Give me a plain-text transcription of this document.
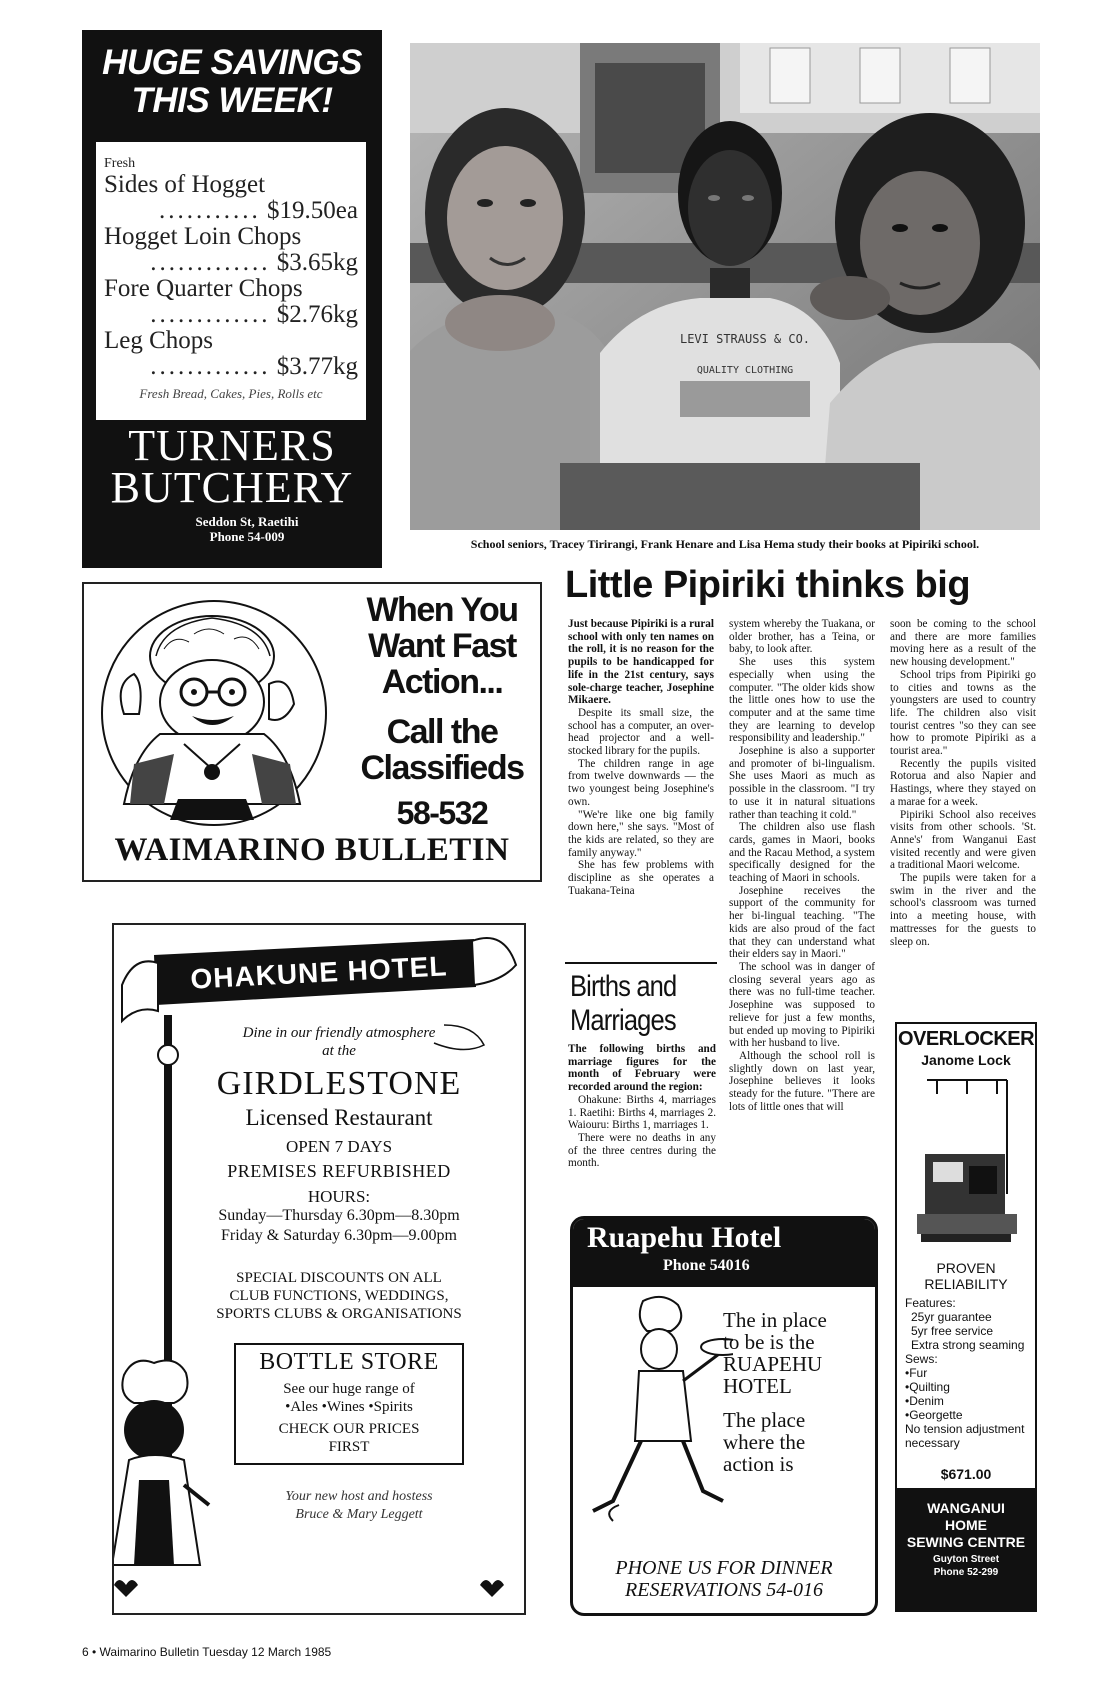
HUGE SAVINGS
THIS WEEK!
Fresh
Sides of Hogget
........... $19.50ea
Hogget Loin Chops
............. $3.65kg
Fore Quarter Chops
............. $2.76kg
Leg Chops
............. $3.77kg
Fresh Bread, Cakes, Pies, Rolls etc
TURNERS
BUTCHERY
Seddon St, Raetihi
Phone 54-009
LEVI STRAUSS & CO.
QUALITY CLOTHING
School seniors, Tracey Tirirangi, Frank Henare and Lisa Hema study their books at Pipiriki school.
When You
Want Fast
Action...
Call the
Classifieds
58-532
WAIMARINO BULLETIN
Little Pipiriki thinks big

Just because Pipiriki is a rural school with only ten names on the roll, it is no reason for the pupils to be handicapped for life in the 21st century, says sole-charge teacher, Josephine Mikaere.

Despite its small size, the school has a computer, an over-head projector and a well-stocked library for the pupils.

The children range in age from twelve downwards — the two youngest being Josephine's own.

"We're like one big family down here," she says. "Most of the kids are related, so they are family anyway."

She has few problems with discipline as she operates a Tuakana-Teina

system whereby the Tuakana, or older brother, has a Teina, or baby, to look after.

She uses this system especially when using the computer. "The older kids show the little ones how to use the computer and at the same time they are learning to develop responsibility and leadership."

Josephine is also a supporter and promoter of bi-lingualism. She uses Maori as much as possible in the classroom. "I try to use it in natural situations rather than teaching it cold."

The children also use flash cards, games in Maori, books and the Racau Method, a system specifically designed for the teaching of Maori in schools.

Josephine receives the support of the community for her bi-lingual teaching. "The kids are also proud of the fact that they can understand what their elders say in Maori."

The school was in danger of closing several years ago as there was no full-time teacher. Josephine was supposed to relieve for just a few months, but ended up moving to Pipiriki with her husband to live.

Although the school roll is slightly down on last year, Josephine believes it looks steady for the future. "There are lots of little ones that will

soon be coming to the school and there are more families moving here as a result of the new housing development."

School trips from Pipiriki go to cities and towns as the youngsters are used to country life. The children also visit tourist centres "so they can see how to promote Pipiriki as a tourist area."

Recently the pupils visited Rotorua and also Napier and Hastings, where they stayed on a marae for a week.

Pipiriki School also receives visits from other schools. 'St. Anne's' from Wanganui East visited recently and were given a traditional Maori welcome.

The pupils were taken for a swim in the river and the school's classroom was turned into a meeting house, with mattresses for the guests to sleep on.

Births and
Marriages

The following births and marriage figures for the month of February were recorded around the region:

Ohakune: Births 4, marriages 1. Raetihi: Births 4, marriages 2. Waiouru: Births 1, marriages 1.

There were no deaths in any of the three centres during the month.

OHAKUNE HOTEL
Dine in our friendly atmosphere
at the
GIRDLESTONE
Licensed Restaurant
OPEN 7 DAYS
PREMISES REFURBISHED
HOURS:
Sunday—Thursday 6.30pm—8.30pm
Friday & Saturday 6.30pm—9.00pm
SPECIAL DISCOUNTS ON ALL
CLUB FUNCTIONS, WEDDINGS,
SPORTS CLUBS & ORGANISATIONS
BOTTLE STORE
See our huge range of
•Ales •Wines •Spirits
CHECK OUR PRICES
FIRST
Your new host and hostess
Bruce & Mary Leggett
Ruapehu Hotel
Phone 54016
The in place
to be is the
RUAPEHU
HOTEL
The place
where the
action is
PHONE US FOR DINNER
RESERVATIONS 54-016
OVERLOCKER
Janome Lock
PROVEN
RELIABILITY
Features:
25yr guarantee
5yr free service
Extra strong seaming
Sews:
•Fur
•Quilting
•Denim
•Georgette
No tension adjustment necessary
$671.00
WANGANUI
HOME
SEWING CENTRE
Guyton Street
Phone 52-299
6 • Waimarino Bulletin Tuesday 12 March 1985
